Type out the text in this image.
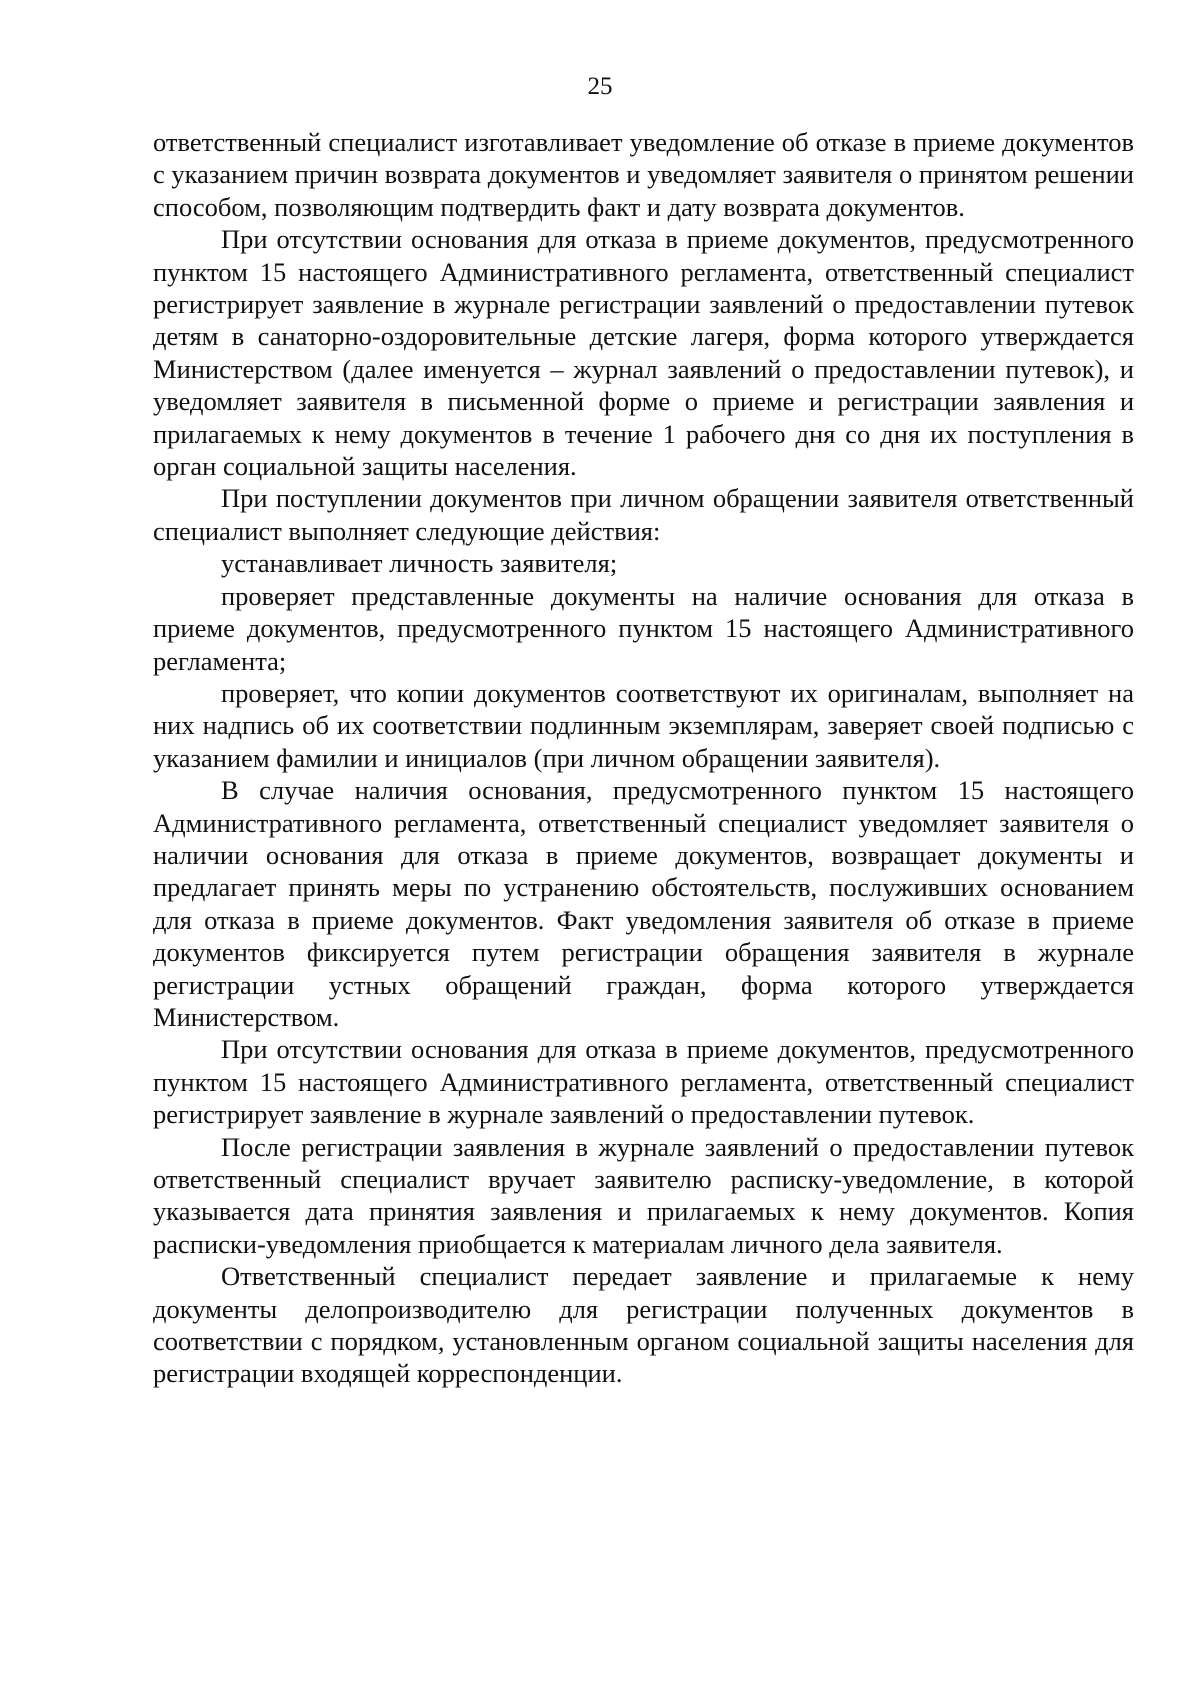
25

ответственный специалист изготавливает уведомление об отказе в приеме документов с указанием причин возврата документов и уведомляет заявителя о принятом решении способом, позволяющим подтвердить факт и дату возврата документов.

При отсутствии основания для отказа в приеме документов, предусмотренного пунктом 15 настоящего Административного регламента, ответственный специалист регистрирует заявление в журнале регистрации заявлений о предоставлении путевок детям в санаторно-оздоровительные детские лагеря, форма которого утверждается Министерством (далее именуется – журнал заявлений о предоставлении путевок), и уведомляет заявителя в письменной форме о приеме и регистрации заявления и прилагаемых к нему документов в течение 1 рабочего дня со дня их поступления в орган социальной защиты населения.

При поступлении документов при личном обращении заявителя ответственный специалист выполняет следующие действия:

устанавливает личность заявителя;

проверяет представленные документы на наличие основания для отказа в приеме документов, предусмотренного пунктом 15 настоящего Административного регламента;

проверяет, что копии документов соответствуют их оригиналам, выполняет на них надпись об их соответствии подлинным экземплярам, заверяет своей подписью с указанием фамилии и инициалов (при личном обращении заявителя).

В случае наличия основания, предусмотренного пунктом 15 настоящего Административного регламента, ответственный специалист уведомляет заявителя о наличии основания для отказа в приеме документов, возвращает документы и предлагает принять меры по устранению обстоятельств, послуживших основанием для отказа в приеме документов. Факт уведомления заявителя об отказе в приеме документов фиксируется путем регистрации обращения заявителя в журнале регистрации устных обращений граждан, форма которого утверждается Министерством.

При отсутствии основания для отказа в приеме документов, предусмотренного пунктом 15 настоящего Административного регламента, ответственный специалист регистрирует заявление в журнале заявлений о предоставлении путевок.

После регистрации заявления в журнале заявлений о предоставлении путевок ответственный специалист вручает заявителю расписку-уведомление, в которой указывается дата принятия заявления и прилагаемых к нему документов. Копия расписки-уведомления приобщается к материалам личного дела заявителя.

Ответственный специалист передает заявление и прилагаемые к нему документы делопроизводителю для регистрации полученных документов в соответствии с порядком, установленным органом социальной защиты населения для регистрации входящей корреспонденции.
